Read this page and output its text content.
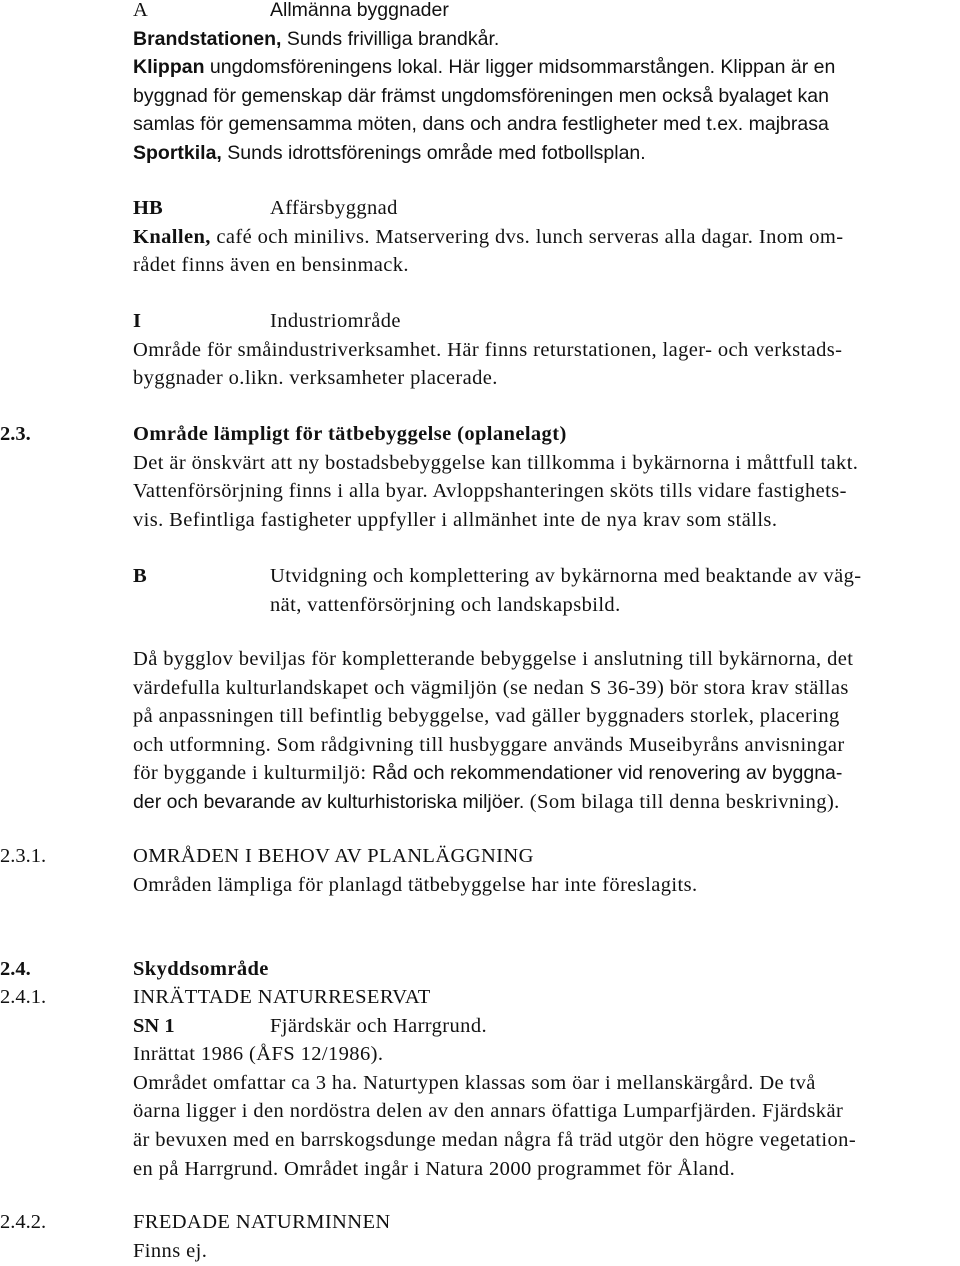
A	Allmänna byggnader
Brandstationen, Sunds frivilliga brandkår.
Klippan ungdomsföreningens lokal. Här ligger midsommarstången. Klippan är en
byggnad för gemenskap där främst ungdomsföreningen men också byalaget kan
samlas för gemensamma möten, dans och andra festligheter med t.ex. majbrasa
Sportkila, Sunds idrottsförenings område med fotbollsplan.
HB	Affärsbyggnad
Knallen, café och minilivs. Matservering dvs. lunch serveras alla dagar. Inom om-
rådet finns även en bensinmack.
I	Industriområde
Område för småindustriverksamhet. Här finns returstationen, lager- och verkstads-
byggnader o.likn. verksamheter placerade.
2.3.	Område lämpligt för tätbebyggelse (oplanelagt)
Det är önskvärt att ny bostadsbebyggelse kan tillkomma i bykärnorna i måttfull takt.
Vattenförsörjning finns i alla byar. Avloppshanteringen sköts tills vidare fastighets-
vis. Befintliga fastigheter uppfyller i allmänhet inte de nya krav som ställs.
B	Utvidgning och komplettering av bykärnorna med beaktande av väg-
nät, vattenförsörjning och landskapsbild.
Då bygglov beviljas för kompletterande bebyggelse i anslutning till bykärnorna, det
värdefulla kulturlandskapet och vägmiljön (se nedan S 36-39) bör stora krav ställas
på anpassningen till befintlig bebyggelse, vad gäller byggnaders storlek, placering
och utformning. Som rådgivning till husbyggare används Museibyråns anvisningar
för byggande i kulturmiljö: Råd och rekommendationer vid renovering av byggna-
der och bevarande av kulturhistoriska miljöer. (Som bilaga till denna beskrivning).
2.3.1.	OMRÅDEN I BEHOV AV PLANLÄGGNING
Områden lämpliga för planlagd tätbebyggelse har inte föreslagits.
2.4.	Skyddsområde
2.4.1.	INRÄTTADE NATURRESERVAT
SN 1	Fjärdskär och Harrgrund.
Inrättat 1986 (ÅFS 12/1986).
Området omfattar ca 3 ha. Naturtypen klassas som öar i mellanskärgård. De två
öarna ligger i den nordöstra delen av den annars öfattiga Lumparfjärden. Fjärdskär
är bevuxen med en barrskogsdunge medan några få träd utgör den högre vegetation-
en på Harrgrund. Området ingår i Natura 2000 programmet för Åland.
2.4.2.	FREDADE NATURMINNEN
Finns ej.
